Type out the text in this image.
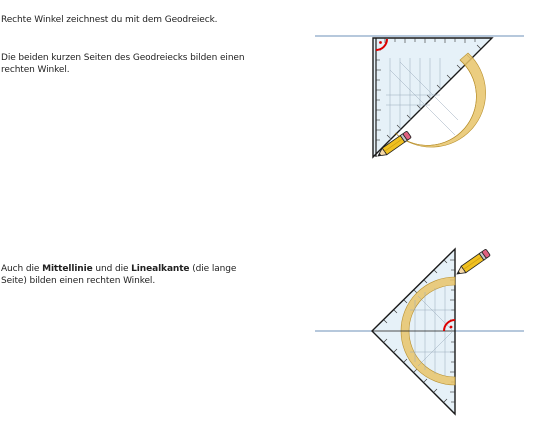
Rechte Winkel zeichnest du mit dem Geodreieck.
Die beiden kurzen Seiten des Geodreiecks bilden einen rechten Winkel.
Auch die Mittellinie und die Linealkante (die lange Seite) bilden einen rechten Winkel.
